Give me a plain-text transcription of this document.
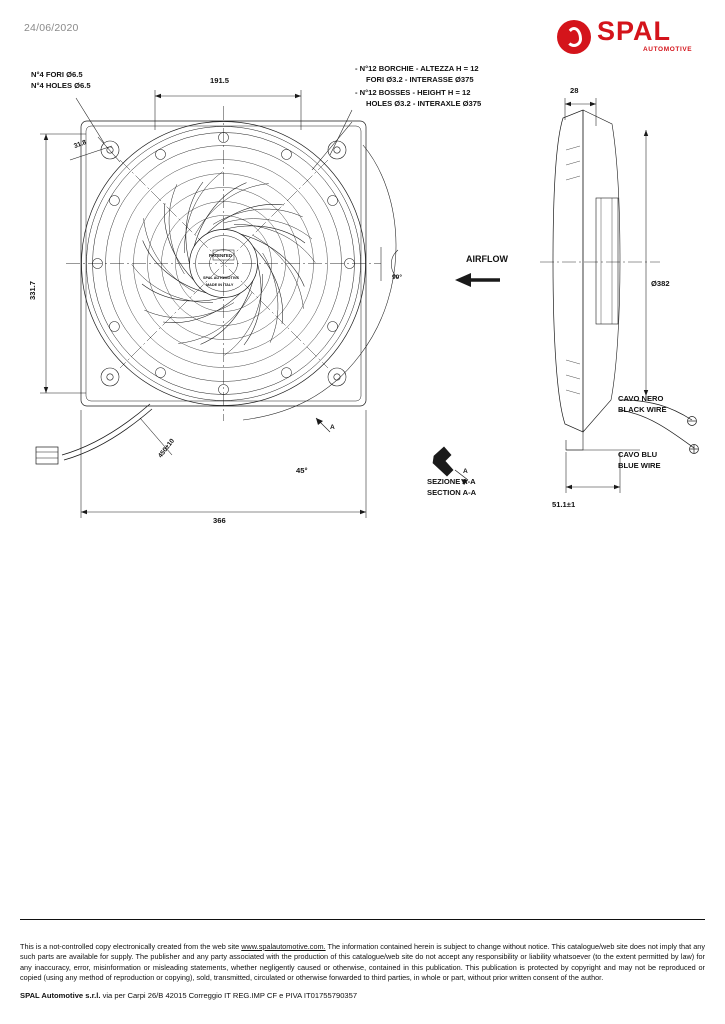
24/06/2020	SPAL
AUTOMOTIVE
N°4 FORI Ø6.5
N°4 HOLES Ø6.5
191.5
31.8
331.7
366
450±10
45°
90°
- N°12 BORCHIE - ALTEZZA H = 12
FORI Ø3.2 - INTERASSE Ø375
- N°12 BOSSES - HEIGHT H = 12
HOLES Ø3.2 - INTERAXLE Ø375
AIRFLOW
28
Ø382
51.1±1
CAVO NERO
BLACK WIRE
CAVO BLU
BLUE WIRE
SEZIONE A-A
SECTION A-A
A
A
PATENTED
SPAL AUTOMOTIVE
MADE IN ITALY
This is a not-controlled copy electronically created from the web site www.spalautomotive.com. The information contained herein is subject to change without notice. This catalogue/web site does not imply that any such parts are available for supply. The publisher and any party associated with the production of this catalogue/web site do not accept any responsibility or liability whatsoever (to the extent permitted by law) for any inaccuracy, error, misinformation or misleading statements, whether negligently caused or otherwise, contained in this publication. This publication is protected by copyright and may not be reproduced or copied (using any method of reproduction or copying), sold, transmitted, circulated or otherwise forwarded to third parties, in whole or part, without prior written consent of the author.
SPAL Automotive s.r.l. via per Carpi 26/B 42015 Correggio IT REG.IMP CF e PIVA IT01755790357
